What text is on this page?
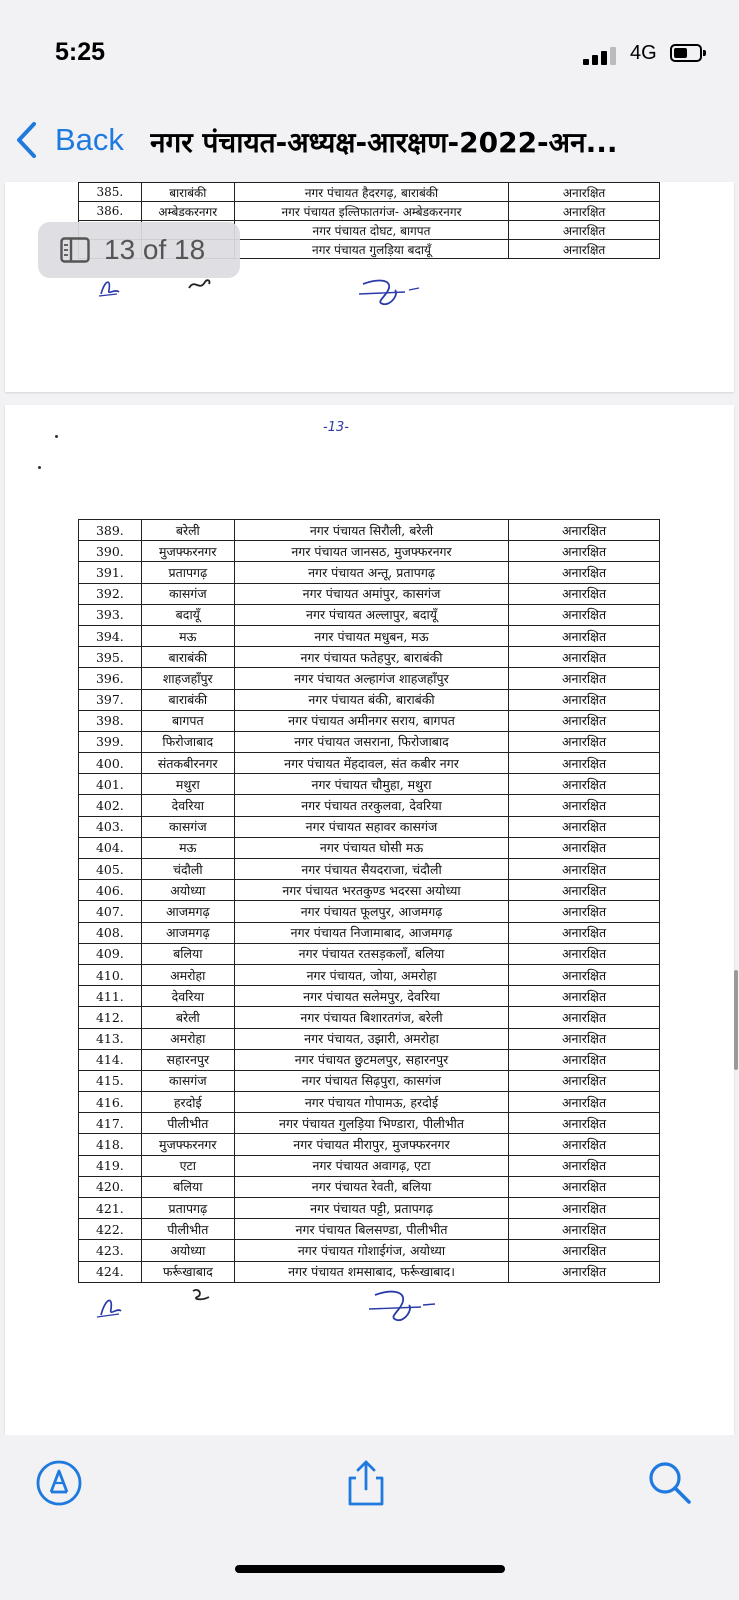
5:25	4G
Back नगर पंचायत-अध्यक्ष-आरक्षण-2022-अन...
385.	बाराबंकी	नगर पंचायत हैदरगढ़, बाराबंकी	अनारक्षित
386.	अम्बेडकरनगर	नगर पंचायत इल्तिफातगंज- अम्बेडकरनगर	अनारक्षित
		नगर पंचायत दोघट, बागपत	अनारक्षित
		नगर पंचायत गुलड़िया बदायूँ	अनारक्षित
13 of 18
389.	बरेली	नगर पंचायत सिरौली, बरेली	अनारक्षित
390.	मुजफ्फरनगर	नगर पंचायत जानसठ, मुजफ्फरनगर	अनारक्षित
391.	प्रतापगढ़	नगर पंचायत अन्तू, प्रतापगढ़	अनारक्षित
392.	कासगंज	नगर पंचायत अमांपुर, कासगंज	अनारक्षित
393.	बदायूँ	नगर पंचायत अल्लापुर, बदायूँ	अनारक्षित
394.	मऊ	नगर पंचायत मधुबन, मऊ	अनारक्षित
395.	बाराबंकी	नगर पंचायत फतेहपुर, बाराबंकी	अनारक्षित
396.	शाहजहाँपुर	नगर पंचायत अल्हागंज शाहजहाँपुर	अनारक्षित
397.	बाराबंकी	नगर पंचायत बंकी, बाराबंकी	अनारक्षित
398.	बागपत	नगर पंचायत अमीनगर सराय, बागपत	अनारक्षित
399.	फिरोजाबाद	नगर पंचायत जसराना, फिरोजाबाद	अनारक्षित
400.	संतकबीरनगर	नगर पंचायत मेंहदावल, संत कबीर नगर	अनारक्षित
401.	मथुरा	नगर पंचायत चौमुहा, मथुरा	अनारक्षित
402.	देवरिया	नगर पंचायत तरकुलवा, देवरिया	अनारक्षित
403.	कासगंज	नगर पंचायत सहावर कासगंज	अनारक्षित
404.	मऊ	नगर पंचायत घोसी मऊ	अनारक्षित
405.	चंदौली	नगर पंचायत सैयदराजा, चंदौली	अनारक्षित
406.	अयोध्या	नगर पंचायत भरतकुण्ड भदरसा अयोध्या	अनारक्षित
407.	आजमगढ़	नगर पंचायत फूलपुर, आजमगढ़	अनारक्षित
408.	आजमगढ़	नगर पंचायत निजामाबाद, आजमगढ़	अनारक्षित
409.	बलिया	नगर पंचायत रतसड़कलाँ, बलिया	अनारक्षित
410.	अमरोहा	नगर पंचायत, जोया, अमरोहा	अनारक्षित
411.	देवरिया	नगर पंचायत सलेमपुर, देवरिया	अनारक्षित
412.	बरेली	नगर पंचायत बिशारतगंज, बरेली	अनारक्षित
413.	अमरोहा	नगर पंचायत, उझारी, अमरोहा	अनारक्षित
414.	सहारनपुर	नगर पंचायत छुटमलपुर, सहारनपुर	अनारक्षित
415.	कासगंज	नगर पंचायत सिढ़पुरा, कासगंज	अनारक्षित
416.	हरदोई	नगर पंचायत गोपामऊ, हरदोई	अनारक्षित
417.	पीलीभीत	नगर पंचायत गुलड़िया भिण्डारा, पीलीभीत	अनारक्षित
418.	मुजफ्फरनगर	नगर पंचायत मीरापुर, मुजफ्फरनगर	अनारक्षित
419.	एटा	नगर पंचायत अवागढ़, एटा	अनारक्षित
420.	बलिया	नगर पंचायत रेवती, बलिया	अनारक्षित
421.	प्रतापगढ़	नगर पंचायत पट्टी, प्रतापगढ़	अनारक्षित
422.	पीलीभीत	नगर पंचायत बिलसण्डा, पीलीभीत	अनारक्षित
423.	अयोध्या	नगर पंचायत गोशाईगंज, अयोध्या	अनारक्षित
424.	फर्रूखाबाद	नगर पंचायत शमसाबाद, फर्रूखाबाद।	अनारक्षित
-13-
